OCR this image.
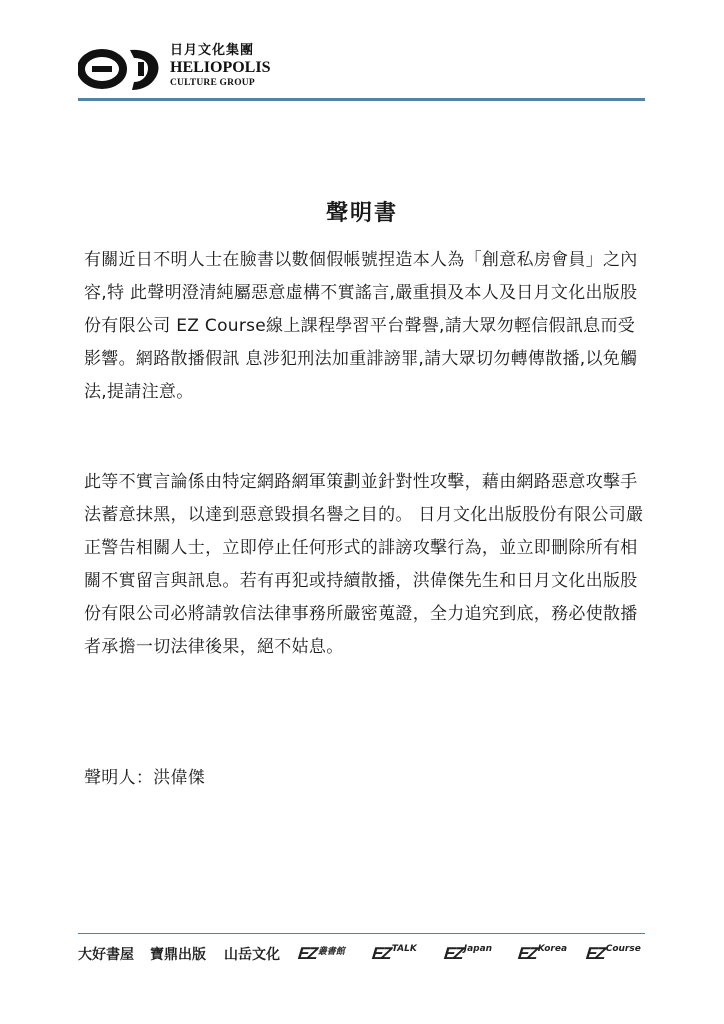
日月文化集團
HELIOPOLIS
CULTURE GROUP
聲明書

有關近日不明人士在臉書以數個假帳號捏造本人為「創意私房會員」之內容,特 此聲明澄清純屬惡意虛構不實謠言,嚴重損及本人及日月文化出版股份有限公司 EZ Course線上課程學習平台聲譽,請大眾勿輕信假訊息而受影響。網路散播假訊 息涉犯刑法加重誹謗罪,請大眾切勿轉傳散播,以免觸法,提請注意。

此等不實言論係由特定網路網軍策劃並針對性攻擊，藉由網路惡意攻擊手法蓄意抹黑，以達到惡意毀損名譽之目的。 日月文化出版股份有限公司嚴正警告相關人士，立即停止任何形式的誹謗攻擊行為，並立即刪除所有相關不實留言與訊息。若有再犯或持續散播，洪偉傑先生和日月文化出版股份有限公司必將請敦信法律事務所嚴密蒐證，全力追究到底，務必使散播者承擔一切法律後果，絕不姑息。

聲明人：洪偉傑
大好書屋 寶鼎出版 山岳文化 $EZ^{叢書館}$ $EZ^{TALK}$ $EZ^{Japan}$ $EZ^{Korea}$ $EZ^{Course}$
